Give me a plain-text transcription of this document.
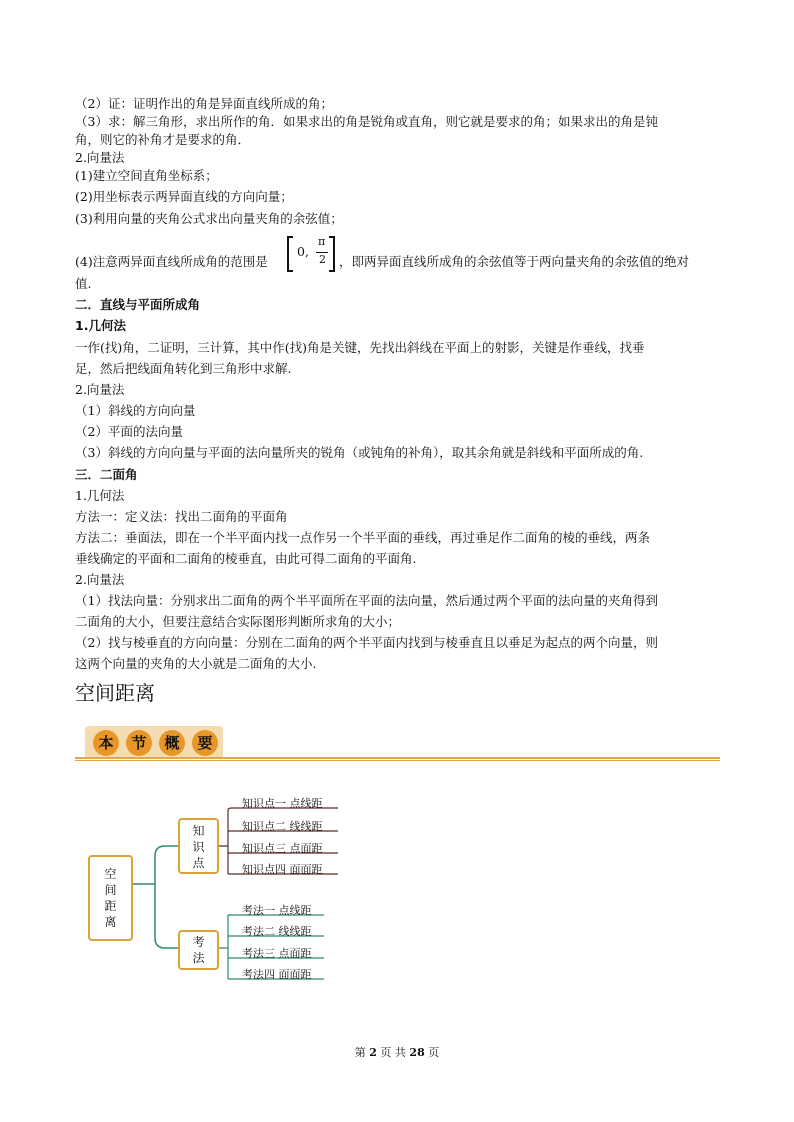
（2）证：证明作出的角是异面直线所成的角；
（3）求：解三角形，求出所作的角．如果求出的角是锐角或直角，则它就是要求的角；如果求出的角是钝
角，则它的补角才是要求的角．
2.向量法
(1)建立空间直角坐标系；
(2)用坐标表示两异面直线的方向向量；
(3)利用向量的夹角公式求出向量夹角的余弦值；
(4)注意两异面直线所成角的范围是
0,
π
2 ，即两异面直线所成角的余弦值等于两向量夹角的余弦值的绝对
值.
二．直线与平面所成角
1.几何法
一作(找)角，二证明，三计算，其中作(找)角是关键，先找出斜线在平面上的射影，关键是作垂线，找垂
足，然后把线面角转化到三角形中求解.
2.向量法
（1）斜线的方向向量
（2）平面的法向量
（3）斜线的方向向量与平面的法向量所夹的锐角（或钝角的补角），取其余角就是斜线和平面所成的角.
三．二面角
1.几何法
方法一：定义法：找出二面角的平面角
方法二：垂面法，即在一个半平面内找一点作另一个半平面的垂线，再过垂足作二面角的棱的垂线，两条
垂线确定的平面和二面角的棱垂直，由此可得二面角的平面角.
2.向量法
（1）找法向量：分别求出二面角的两个半平面所在平面的法向量，然后通过两个平面的法向量的夹角得到
二面角的大小，但要注意结合实际图形判断所求角的大小；
（2）找与棱垂直的方向向量：分别在二面角的两个半平面内找到与棱垂直且以垂足为起点的两个向量，则
这两个向量的夹角的大小就是二面角的大小.
空间距离
本	节	概	要
空
间
距
离
知
识
点
考
法
知识点一 点线距
知识点二 线线距
知识点三 点面距
知识点四 面面距
考法一 点线距
考法二 线线距
考法三 点面距
考法四 面面距
第 2 页 共 28 页
